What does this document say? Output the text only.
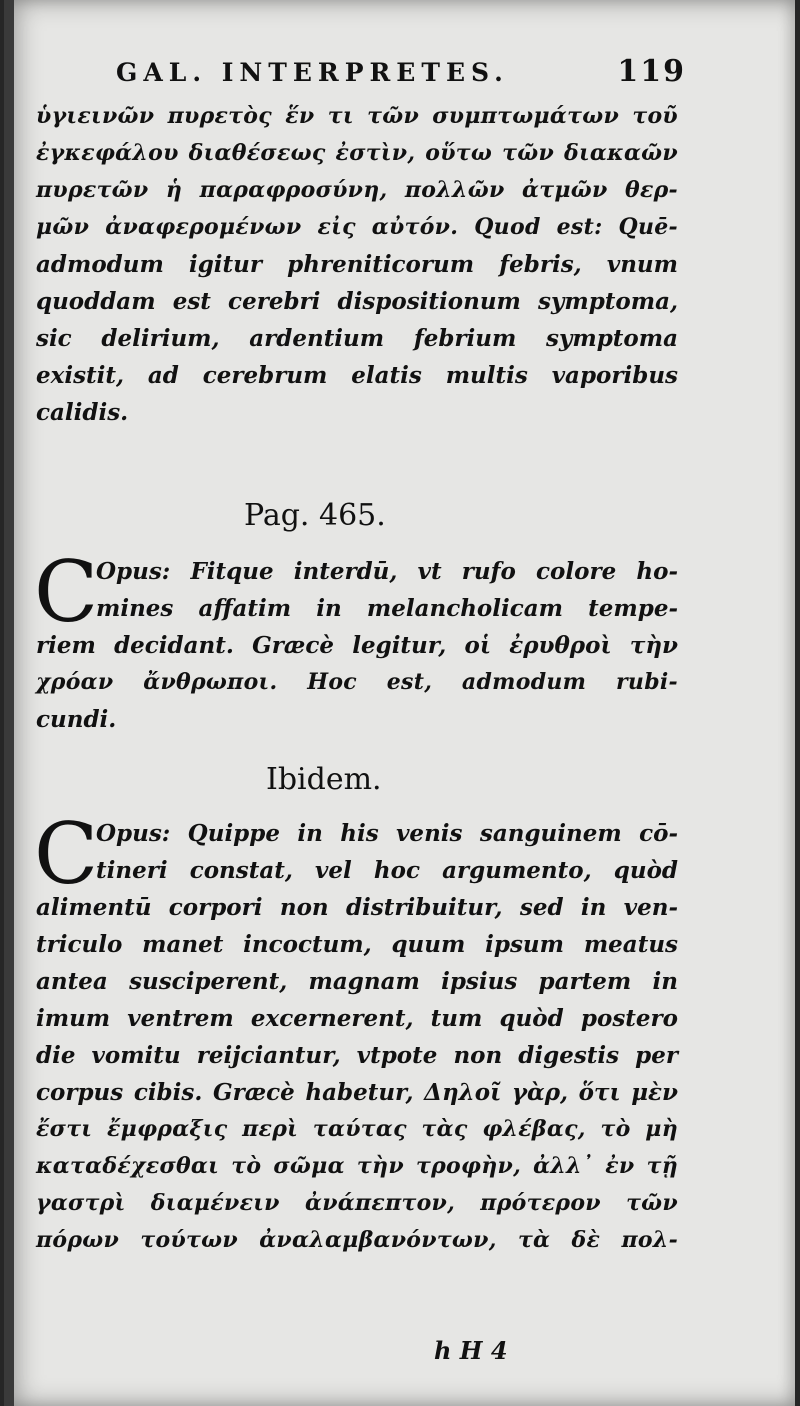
GAL. INTERPRETES.	119
ὑγιεινῶν πυρετὸς ἕν τι τῶν συμπτωμάτων τοῦ
ἐγκεφάλου διαθέσεως ἐστὶν, οὕτω τῶν διακαῶν
πυρετῶν ἡ παραφροσύνη, πολλῶν ἀτμῶν θερ-
μῶν ἀναφερομένων εἰς αὐτόν. Quod est: Quē-
admodum igitur phreniticorum febris, vnum
quoddam est cerebri dispositionum symptoma,
sic delirium, ardentium febrium symptoma
existit, ad cerebrum elatis multis vaporibus
calidis.
Pag. 465.
C
Opus: Fitque interdū, vt rufo colore ho-
mines affatim in melancholicam tempe-
riem decidant. Græcè legitur, οἱ ἐρυθροὶ τὴν
χρόαν ἄνθρωποι. Hoc est, admodum rubi-
cundi.
Ibidem.
C
Opus: Quippe in his venis sanguinem cō-
tineri constat, vel hoc argumento, quòd
alimentū corpori non distribuitur, sed in ven-
triculo manet incoctum, quum ipsum meatus
antea susciperent, magnam ipsius partem in
imum ventrem excernerent, tum quòd postero
die vomitu reijciantur, vtpote non digestis per
corpus cibis. Græcè habetur, Δηλοῖ γὰρ, ὅτι μὲν
ἔστι ἔμφραξις περὶ ταύτας τὰς φλέβας, τὸ μὴ
καταδέχεσθαι τὸ σῶμα τὴν τροφὴν, ἀλλ᾽ ἐν τῇ
γαστρὶ διαμένειν ἀνάπεπτον, πρότερον τῶν
πόρων τούτων ἀναλαμβανόντων, τὰ δὲ πολ-
h H 4
